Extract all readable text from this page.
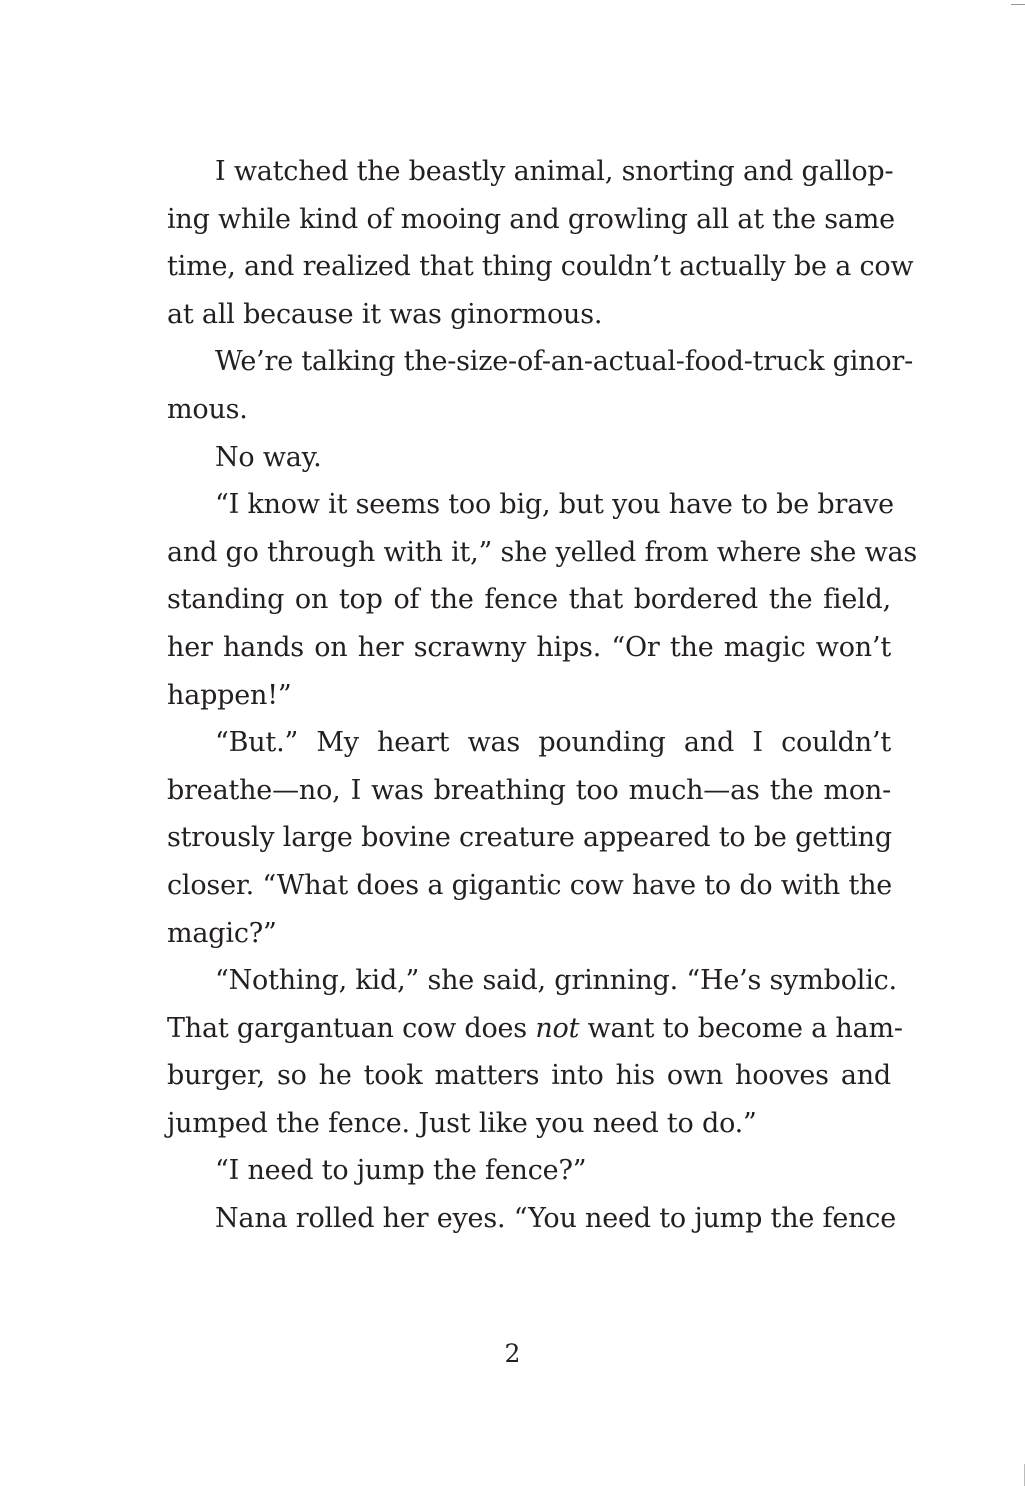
I watched the beastly animal, snorting and gallop-
ing while kind of mooing and growling all at the same
time, and realized that thing couldn’t actually be a cow
at all because it was ginormous.
We’re talking the-size-of-an-actual-food-truck ginor-
mous.
No way.
“I know it seems too big, but you have to be brave
and go through with it,” she yelled from where she was
standing on top of the fence that bordered the field,
her hands on her scrawny hips. “Or the magic won’t
happen!”
“But.” My heart was pounding and I couldn’t
breathe—no, I was breathing too much—as the mon-
strously large bovine creature appeared to be getting
closer. “What does a gigantic cow have to do with the
magic?”
“Nothing, kid,” she said, grinning. “He’s symbolic.
That gargantuan cow does not want to become a ham-
burger, so he took matters into his own hooves and
jumped the fence. Just like you need to do.”
“I need to jump the fence?”
Nana rolled her eyes. “You need to jump the fence
2
